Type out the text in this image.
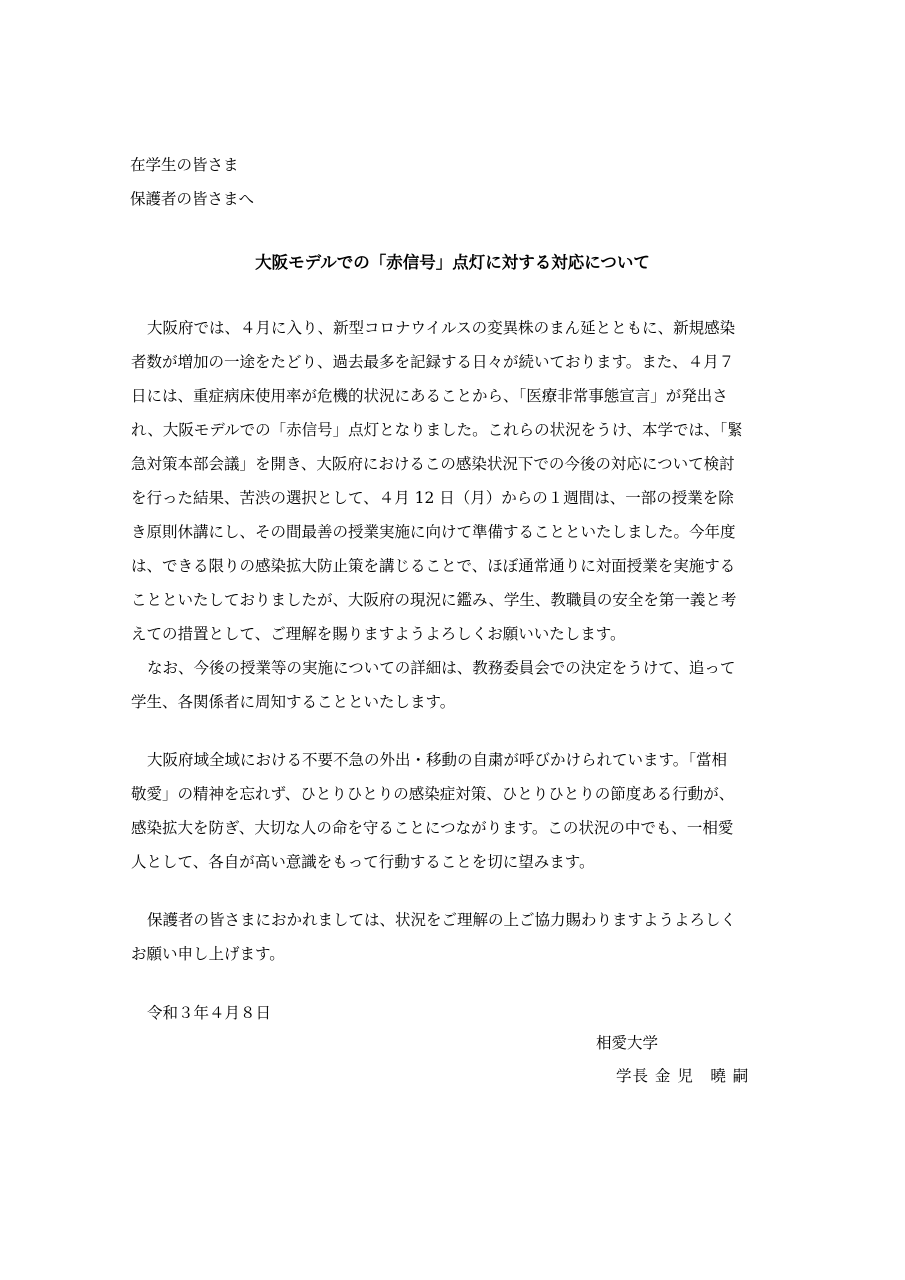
在学生の皆さま
保護者の皆さまへ
大阪モデルでの「赤信号」点灯に対する対応について
大阪府では、４月に入り、新型コロナウイルスの変異株のまん延とともに、新規感染
者数が増加の一途をたどり、過去最多を記録する日々が続いております。また、４月７
日には、重症病床使用率が危機的状況にあることから、「医療非常事態宣言」が発出さ
れ、大阪モデルでの「赤信号」点灯となりました。これらの状況をうけ、本学では、「緊
急対策本部会議」を開き、大阪府におけるこの感染状況下での今後の対応について検討
を行った結果、苦渋の選択として、４月 12 日（月）からの１週間は、一部の授業を除
き原則休講にし、その間最善の授業実施に向けて準備することといたしました。今年度
は、できる限りの感染拡大防止策を講じることで、ほぼ通常通りに対面授業を実施する
ことといたしておりましたが、大阪府の現況に鑑み、学生、教職員の安全を第一義と考
えての措置として、ご理解を賜りますようよろしくお願いいたします。
なお、今後の授業等の実施についての詳細は、教務委員会での決定をうけて、追って
学生、各関係者に周知することといたします。
大阪府域全域における不要不急の外出・移動の自粛が呼びかけられています。「當相
敬愛」の精神を忘れず、ひとりひとりの感染症対策、ひとりひとりの節度ある行動が、
感染拡大を防ぎ、大切な人の命を守ることにつながります。この状況の中でも、一相愛
人として、各自が高い意識をもって行動することを切に望みます。
保護者の皆さまにおかれましては、状況をご理解の上ご協力賜わりますようよろしく
お願い申し上げます。
令和３年４月８日
相愛大学
学長 金 児　曉 嗣
